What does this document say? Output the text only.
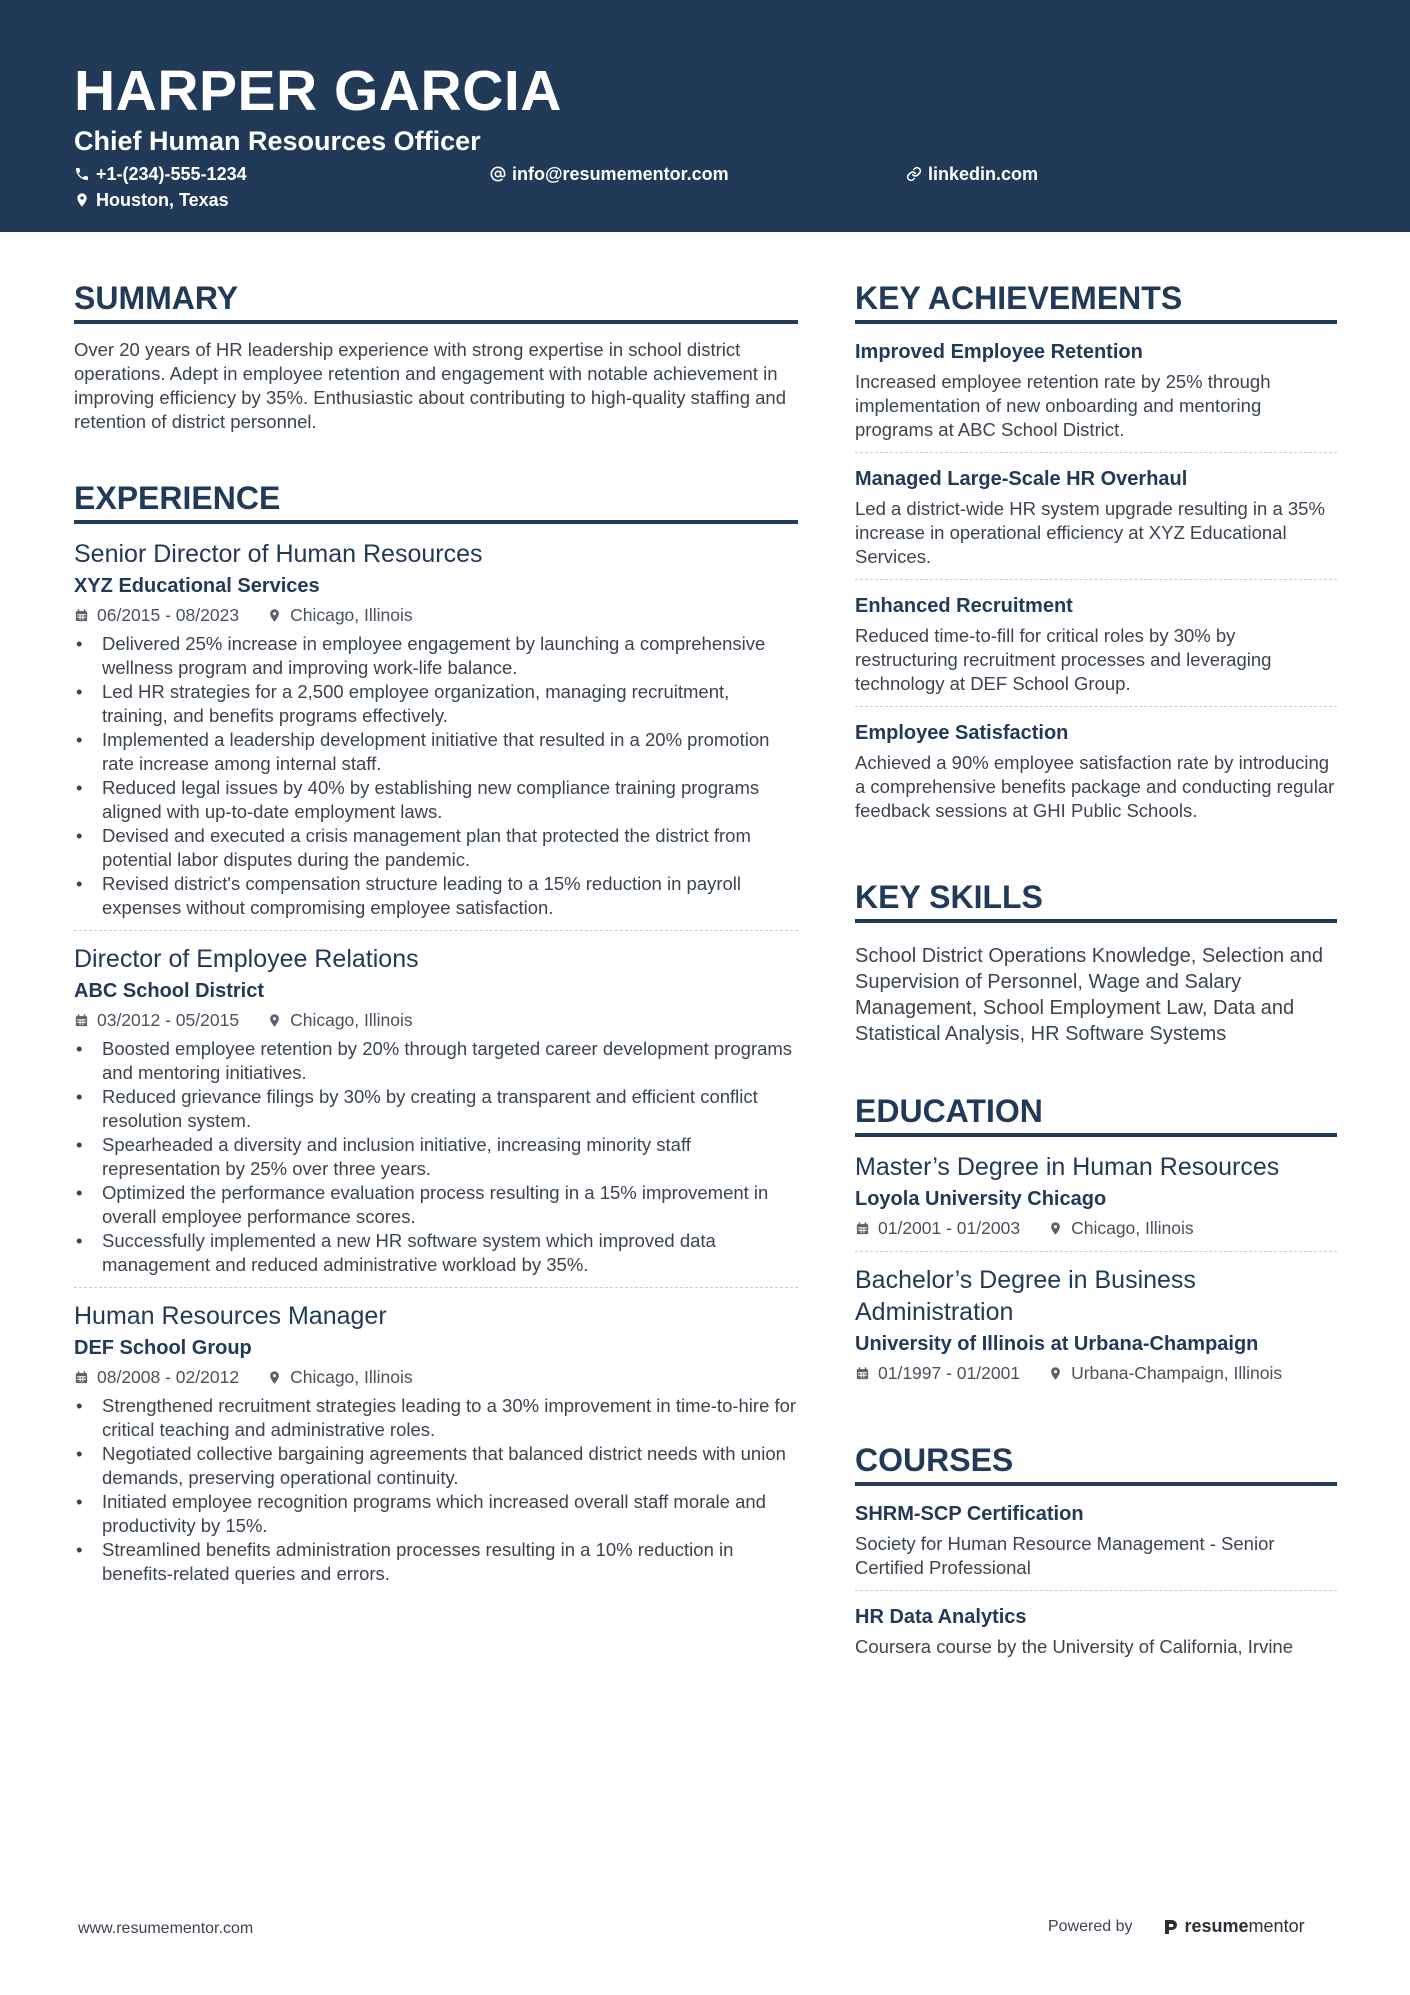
HARPER GARCIA
Chief Human Resources Officer
+1-(234)-555-1234	info@resumementor.com	linkedin.com
Houston, Texas
SUMMARY
Over 20 years of HR leadership experience with strong expertise in school district operations. Adept in employee retention and engagement with notable achievement in improving efficiency by 35%. Enthusiastic about contributing to high-quality staffing and retention of district personnel.
EXPERIENCE
Senior Director of Human Resources
XYZ Educational Services
06/2015 - 08/2023	Chicago, Illinois
• Delivered 25% increase in employee engagement by launching a comprehensive wellness program and improving work-life balance.
• Led HR strategies for a 2,500 employee organization, managing recruitment, training, and benefits programs effectively.
• Implemented a leadership development initiative that resulted in a 20% promotion rate increase among internal staff.
• Reduced legal issues by 40% by establishing new compliance training programs aligned with up-to-date employment laws.
• Devised and executed a crisis management plan that protected the district from potential labor disputes during the pandemic.
• Revised district's compensation structure leading to a 15% reduction in payroll expenses without compromising employee satisfaction.
Director of Employee Relations
ABC School District
03/2012 - 05/2015	Chicago, Illinois
• Boosted employee retention by 20% through targeted career development programs and mentoring initiatives.
• Reduced grievance filings by 30% by creating a transparent and efficient conflict resolution system.
• Spearheaded a diversity and inclusion initiative, increasing minority staff representation by 25% over three years.
• Optimized the performance evaluation process resulting in a 15% improvement in overall employee performance scores.
• Successfully implemented a new HR software system which improved data management and reduced administrative workload by 35%.
Human Resources Manager
DEF School Group
08/2008 - 02/2012	Chicago, Illinois
• Strengthened recruitment strategies leading to a 30% improvement in time-to-hire for critical teaching and administrative roles.
• Negotiated collective bargaining agreements that balanced district needs with union demands, preserving operational continuity.
• Initiated employee recognition programs which increased overall staff morale and productivity by 15%.
• Streamlined benefits administration processes resulting in a 10% reduction in benefits-related queries and errors.
KEY ACHIEVEMENTS
Improved Employee Retention
Increased employee retention rate by 25% through implementation of new onboarding and mentoring programs at ABC School District.
Managed Large-Scale HR Overhaul
Led a district-wide HR system upgrade resulting in a 35% increase in operational efficiency at XYZ Educational Services.
Enhanced Recruitment
Reduced time-to-fill for critical roles by 30% by restructuring recruitment processes and leveraging technology at DEF School Group.
Employee Satisfaction
Achieved a 90% employee satisfaction rate by introducing a comprehensive benefits package and conducting regular feedback sessions at GHI Public Schools.
KEY SKILLS
School District Operations Knowledge, Selection and Supervision of Personnel, Wage and Salary Management, School Employment Law, Data and Statistical Analysis, HR Software Systems
EDUCATION
Master’s Degree in Human Resources
Loyola University Chicago
01/2001 - 01/2003	Chicago, Illinois
Bachelor’s Degree in Business Administration
University of Illinois at Urbana-Champaign
01/1997 - 01/2001	Urbana-Champaign, Illinois
COURSES
SHRM-SCP Certification
Society for Human Resource Management - Senior Certified Professional
HR Data Analytics
Coursera course by the University of California, Irvine
www.resumementor.com	Powered by	resumementor
